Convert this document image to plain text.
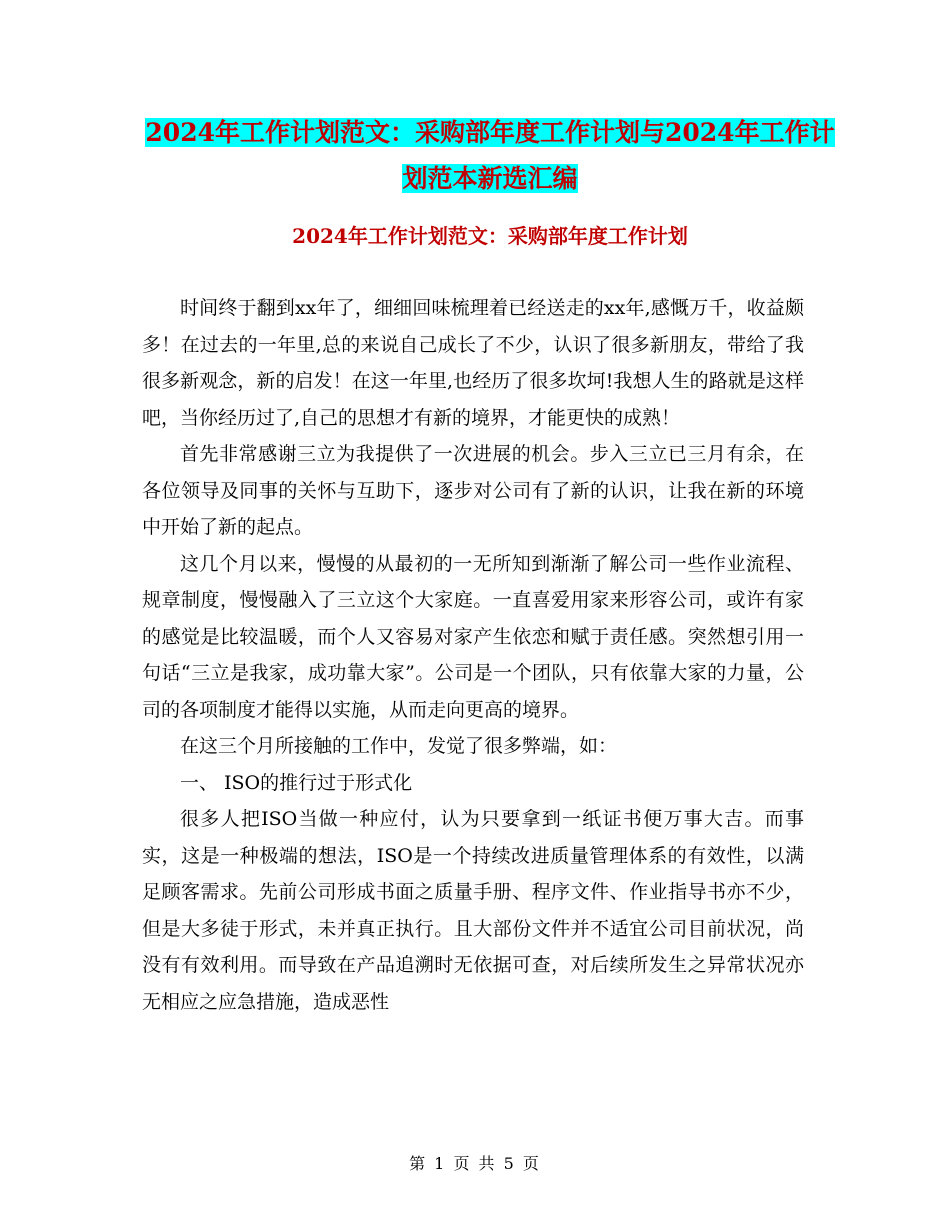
2024年工作计划范文：采购部年度工作计划与2024年工作计划范本新选汇编
2024年工作计划范文：采购部年度工作计划

时间终于翻到xx年了，细细回味梳理着已经送走的xx年,感慨万千，收益颇多！在过去的一年里,总的来说自己成长了不少，认识了很多新朋友，带给了我很多新观念，新的启发！在这一年里,也经历了很多坎坷!我想人生的路就是这样吧，当你经历过了,自己的思想才有新的境界，才能更快的成熟！

首先非常感谢三立为我提供了一次进展的机会。步入三立已三月有余，在各位领导及同事的关怀与互助下，逐步对公司有了新的认识，让我在新的环境中开始了新的起点。

这几个月以来，慢慢的从最初的一无所知到渐渐了解公司一些作业流程、规章制度，慢慢融入了三立这个大家庭。一直喜爱用家来形容公司，或许有家的感觉是比较温暖，而个人又容易对家产生依恋和赋于责任感。突然想引用一句话“三立是我家，成功靠大家”。公司是一个团队，只有依靠大家的力量，公司的各项制度才能得以实施，从而走向更高的境界。

在这三个月所接触的工作中，发觉了很多弊端，如：

一、 ISO的推行过于形式化

很多人把ISO当做一种应付，认为只要拿到一纸证书便万事大吉。而事实，这是一种极端的想法，ISO是一个持续改进质量管理体系的有效性，以满足顾客需求。先前公司形成书面之质量手册、程序文件、作业指导书亦不少，但是大多徒于形式，未并真正执行。且大部份文件并不适宜公司目前状况，尚没有有效利用。而导致在产品追溯时无依据可查，对后续所发生之异常状况亦无相应之应急措施，造成恶性

第 1 页 共 5 页
